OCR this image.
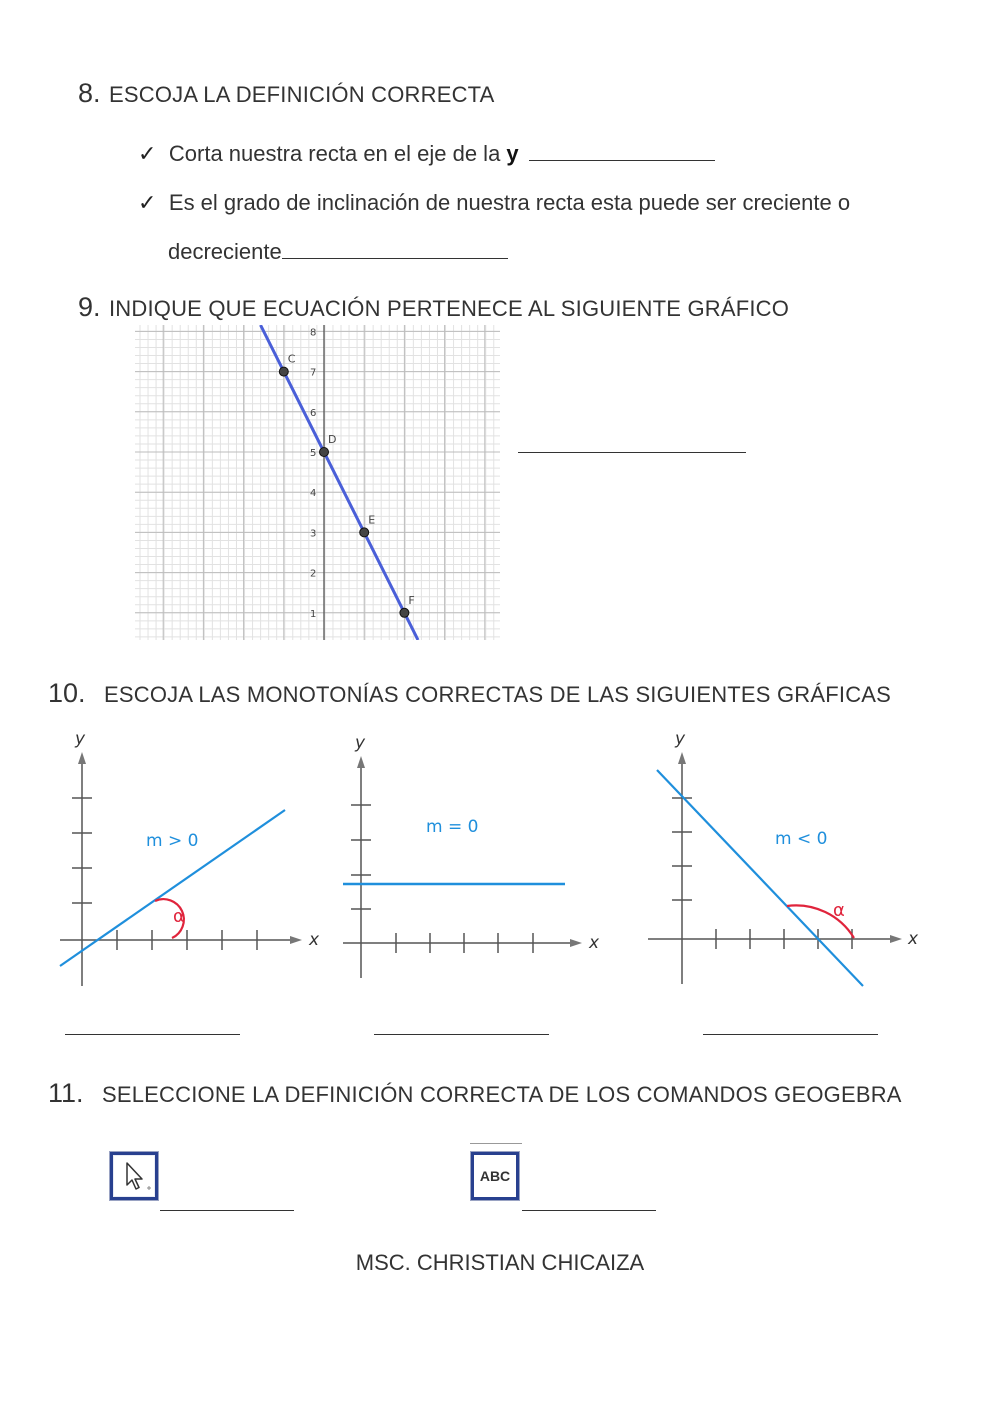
8. ESCOJA LA DEFINICIÓN CORRECTA
✓ Corta nuestra recta en el eje de la y
✓ Es el grado de inclinación de nuestra recta esta puede ser creciente o
decreciente
9. INDIQUE QUE ECUACIÓN PERTENECE AL SIGUIENTE GRÁFICO
8
7
6
5
4
3
2
1
C
D
E
F
10. ESCOJA LAS MONOTONÍAS CORRECTAS DE LAS SIGUIENTES GRÁFICAS
y
x
α
m > 0
y
x
m = 0
y
x
α
m < 0
11. SELECCIONE LA DEFINICIÓN CORRECTA DE LOS COMANDOS GEOGEBRA
ABC
MSC. CHRISTIAN CHICAIZA
